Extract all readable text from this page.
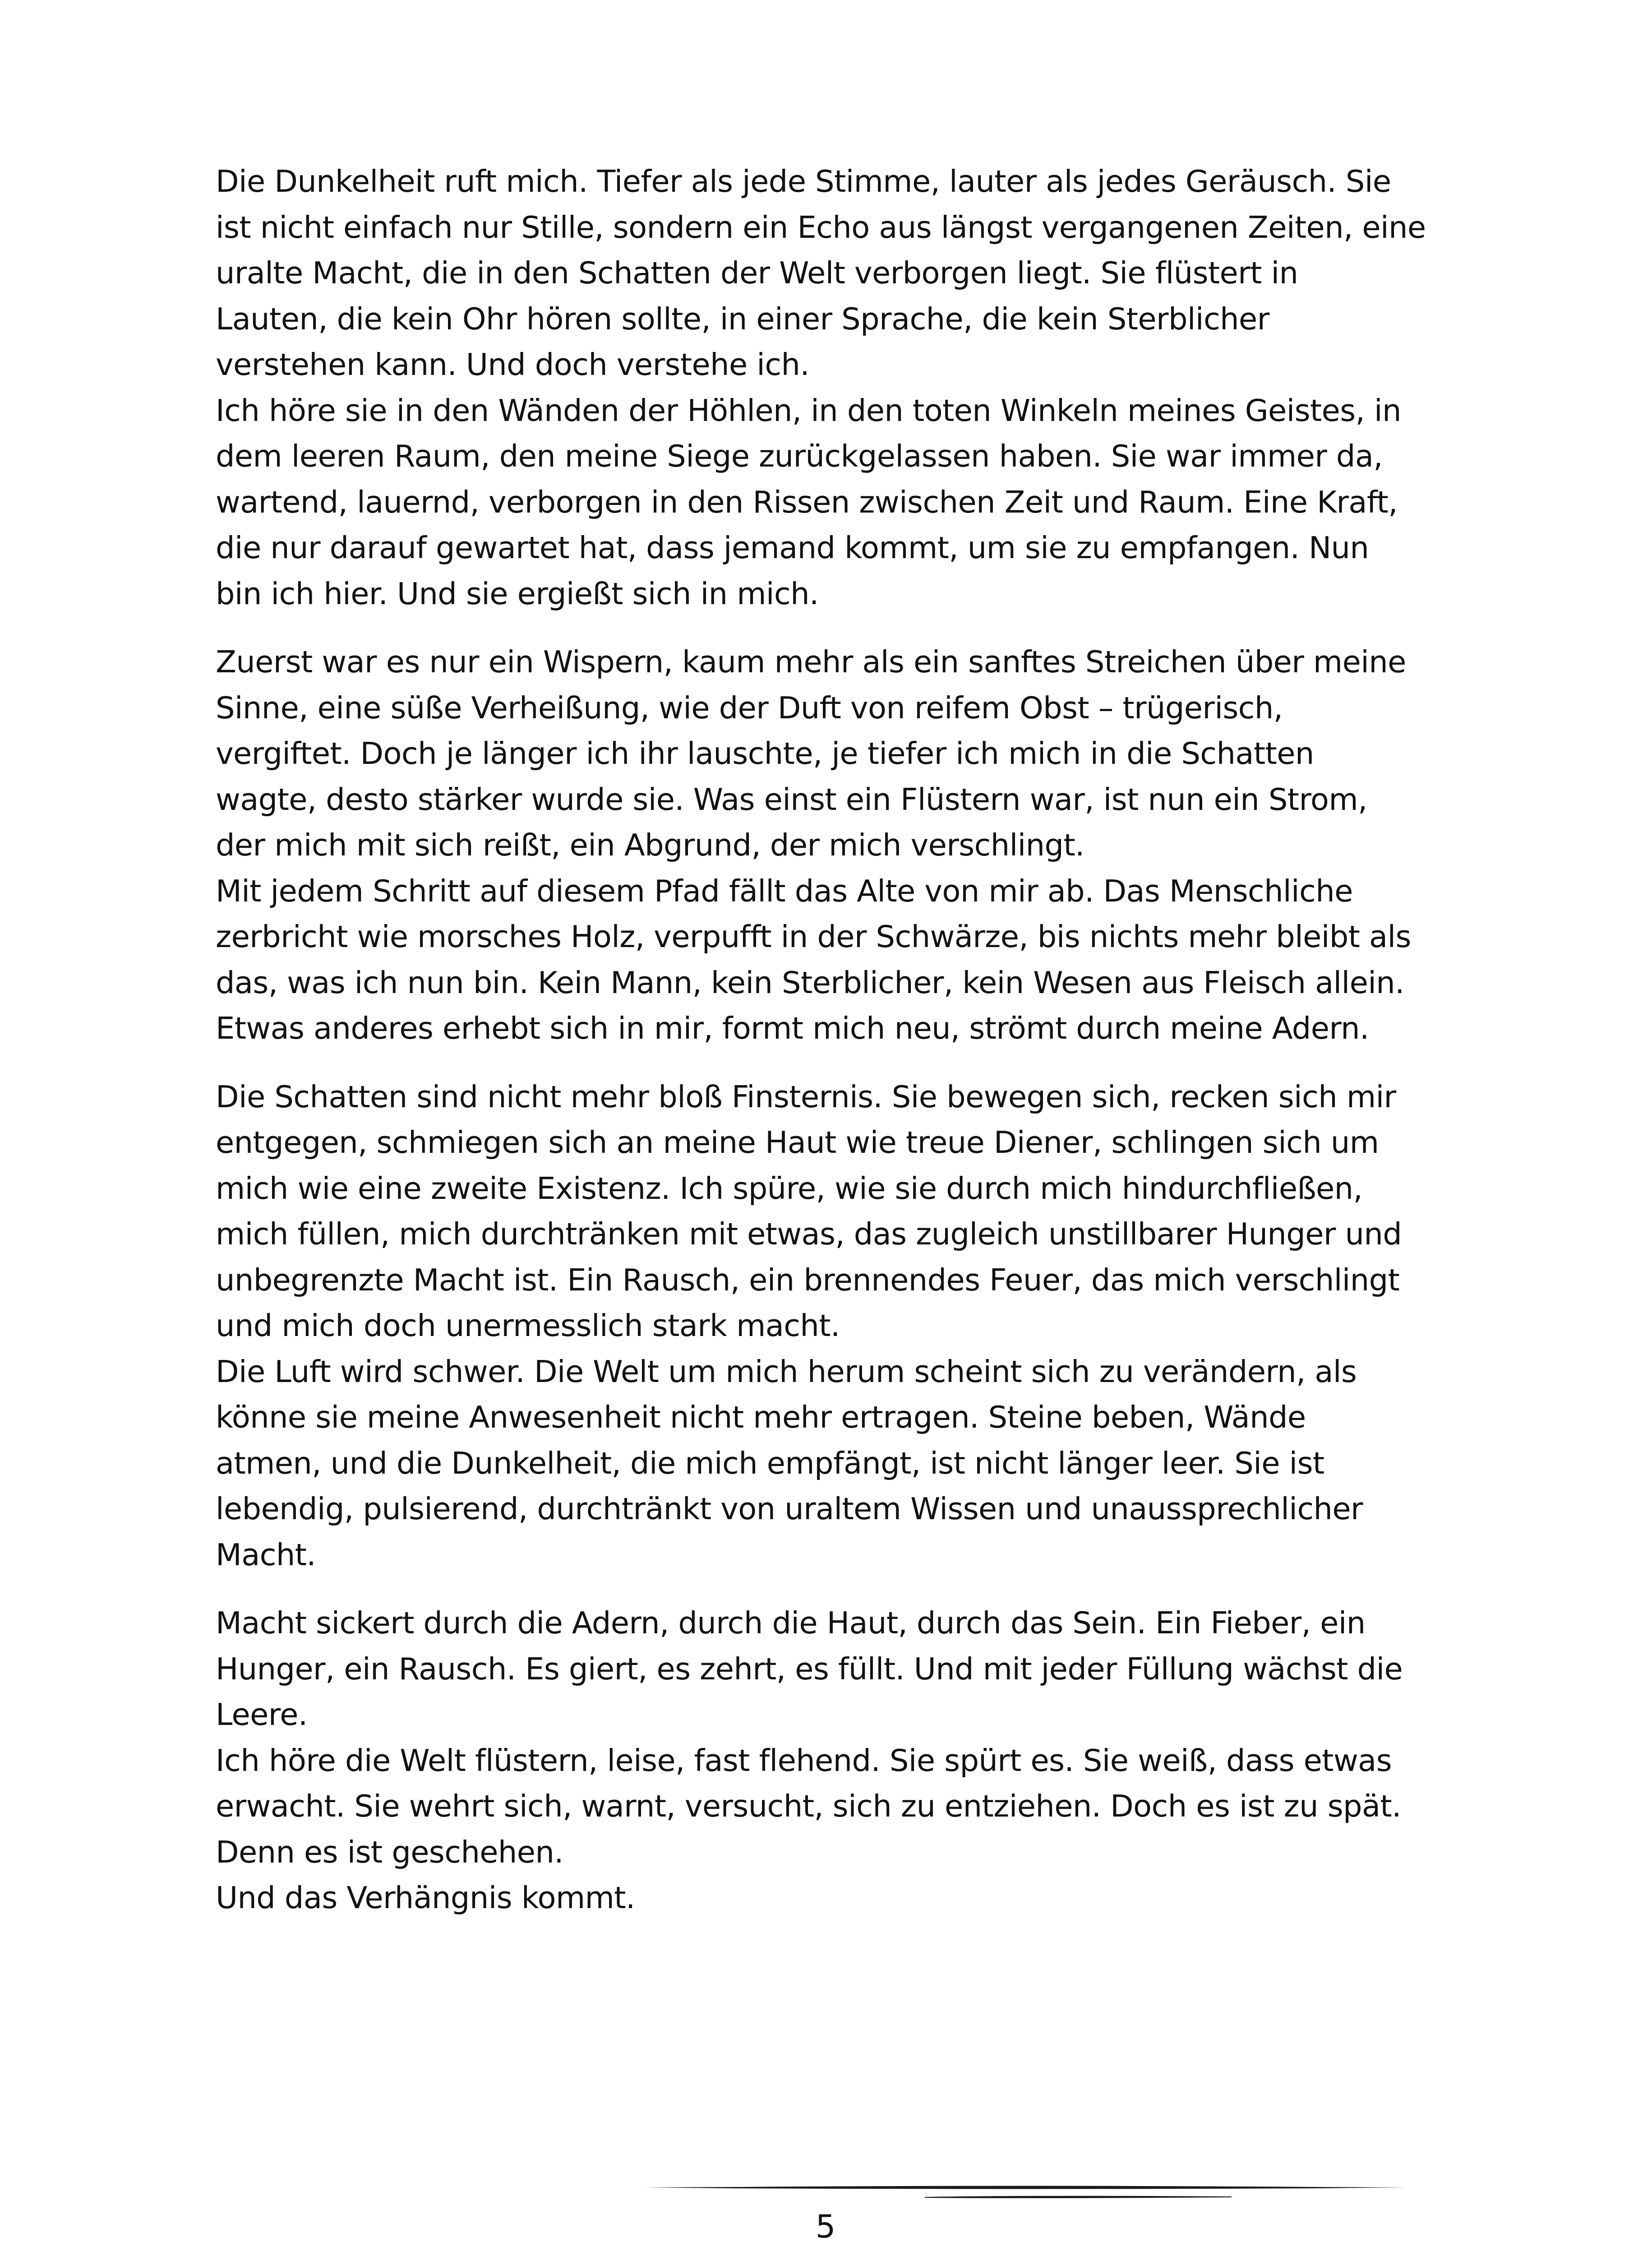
Die Dunkelheit ruft mich. Tiefer als jede Stimme, lauter als jedes Geräusch. Sie
ist nicht einfach nur Stille, sondern ein Echo aus längst vergangenen Zeiten, eine
uralte Macht, die in den Schatten der Welt verborgen liegt. Sie flüstert in
Lauten, die kein Ohr hören sollte, in einer Sprache, die kein Sterblicher
verstehen kann. Und doch verstehe ich.
Ich höre sie in den Wänden der Höhlen, in den toten Winkeln meines Geistes, in
dem leeren Raum, den meine Siege zurückgelassen haben. Sie war immer da,
wartend, lauernd, verborgen in den Rissen zwischen Zeit und Raum. Eine Kraft,
die nur darauf gewartet hat, dass jemand kommt, um sie zu empfangen. Nun
bin ich hier. Und sie ergießt sich in mich.

Zuerst war es nur ein Wispern, kaum mehr als ein sanftes Streichen über meine
Sinne, eine süße Verheißung, wie der Duft von reifem Obst – trügerisch,
vergiftet. Doch je länger ich ihr lauschte, je tiefer ich mich in die Schatten
wagte, desto stärker wurde sie. Was einst ein Flüstern war, ist nun ein Strom,
der mich mit sich reißt, ein Abgrund, der mich verschlingt.
Mit jedem Schritt auf diesem Pfad fällt das Alte von mir ab. Das Menschliche
zerbricht wie morsches Holz, verpufft in der Schwärze, bis nichts mehr bleibt als
das, was ich nun bin. Kein Mann, kein Sterblicher, kein Wesen aus Fleisch allein.
Etwas anderes erhebt sich in mir, formt mich neu, strömt durch meine Adern.

Die Schatten sind nicht mehr bloß Finsternis. Sie bewegen sich, recken sich mir
entgegen, schmiegen sich an meine Haut wie treue Diener, schlingen sich um
mich wie eine zweite Existenz. Ich spüre, wie sie durch mich hindurchfließen,
mich füllen, mich durchtränken mit etwas, das zugleich unstillbarer Hunger und
unbegrenzte Macht ist. Ein Rausch, ein brennendes Feuer, das mich verschlingt
und mich doch unermesslich stark macht.
Die Luft wird schwer. Die Welt um mich herum scheint sich zu verändern, als
könne sie meine Anwesenheit nicht mehr ertragen. Steine beben, Wände
atmen, und die Dunkelheit, die mich empfängt, ist nicht länger leer. Sie ist
lebendig, pulsierend, durchtränkt von uraltem Wissen und unaussprechlicher
Macht.

Macht sickert durch die Adern, durch die Haut, durch das Sein. Ein Fieber, ein
Hunger, ein Rausch. Es giert, es zehrt, es füllt. Und mit jeder Füllung wächst die
Leere.
Ich höre die Welt flüstern, leise, fast flehend. Sie spürt es. Sie weiß, dass etwas
erwacht. Sie wehrt sich, warnt, versucht, sich zu entziehen. Doch es ist zu spät.
Denn es ist geschehen.
Und das Verhängnis kommt.

5
